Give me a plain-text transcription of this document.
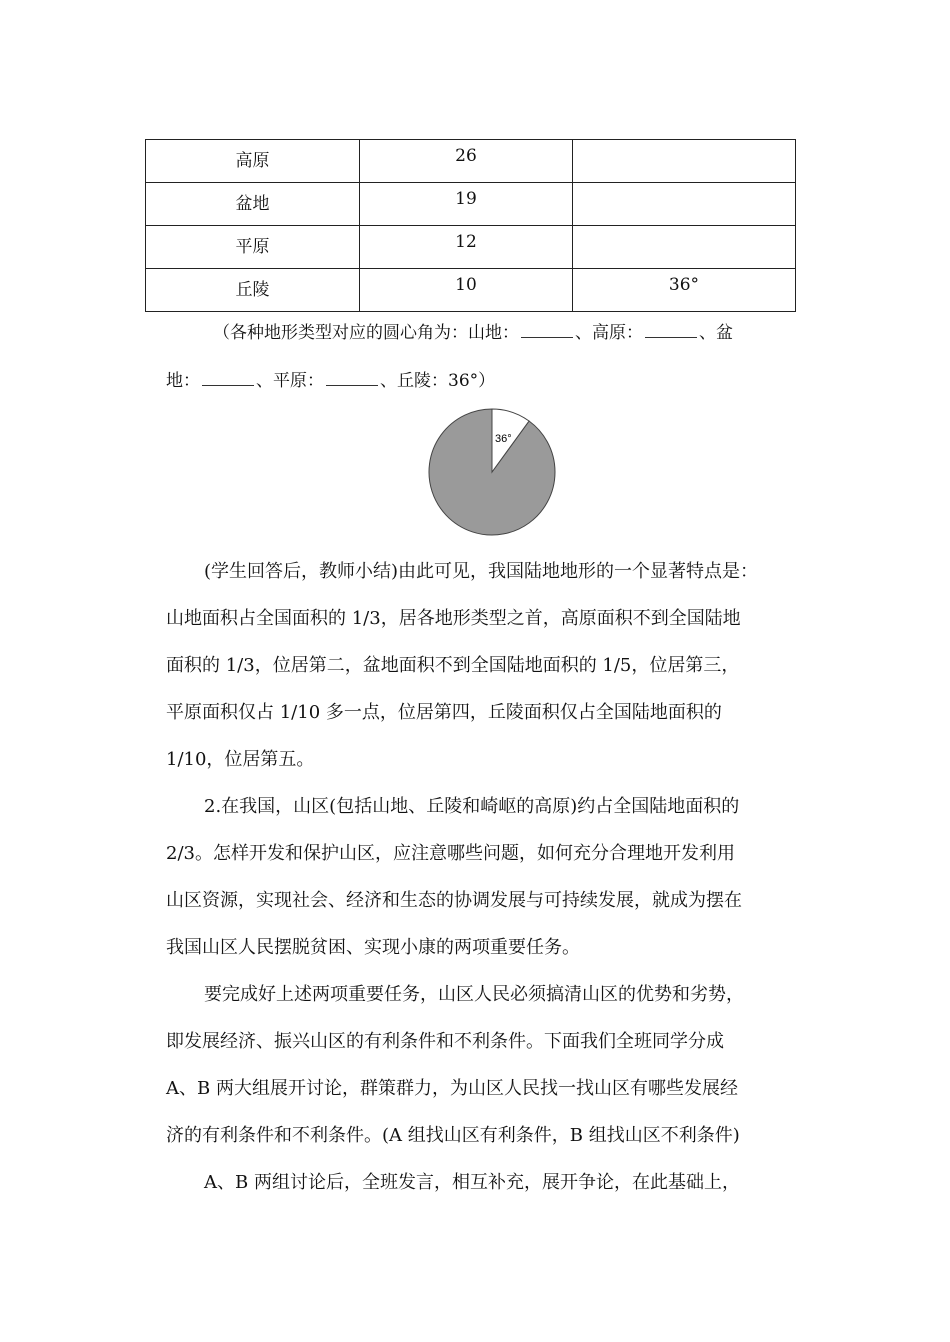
高原	26	
盆地	19	
平原	12	
丘陵	10	36°
（各种地形类型对应的圆心角为：山地：	、高原：	、盆
地：	、平原：	、丘陵：36°）
36°
(学生回答后，教师小结)由此可见，我国陆地地形的一个显著特点是：
山地面积占全国面积的 1/3，居各地形类型之首，高原面积不到全国陆地
面积的 1/3，位居第二，盆地面积不到全国陆地面积的 1/5，位居第三，
平原面积仅占 1/10 多一点，位居第四，丘陵面积仅占全国陆地面积的
1/10，位居第五。
2.在我国，山区(包括山地、丘陵和崎岖的高原)约占全国陆地面积的
2/3。怎样开发和保护山区，应注意哪些问题，如何充分合理地开发利用
山区资源，实现社会、经济和生态的协调发展与可持续发展，就成为摆在
我国山区人民摆脱贫困、实现小康的两项重要任务。
要完成好上述两项重要任务，山区人民必须搞清山区的优势和劣势，
即发展经济、振兴山区的有利条件和不利条件。下面我们全班同学分成
A、B 两大组展开讨论，群策群力，为山区人民找一找山区有哪些发展经
济的有利条件和不利条件。(A 组找山区有利条件，B 组找山区不利条件)
A、B 两组讨论后，全班发言，相互补充，展开争论，在此基础上，
